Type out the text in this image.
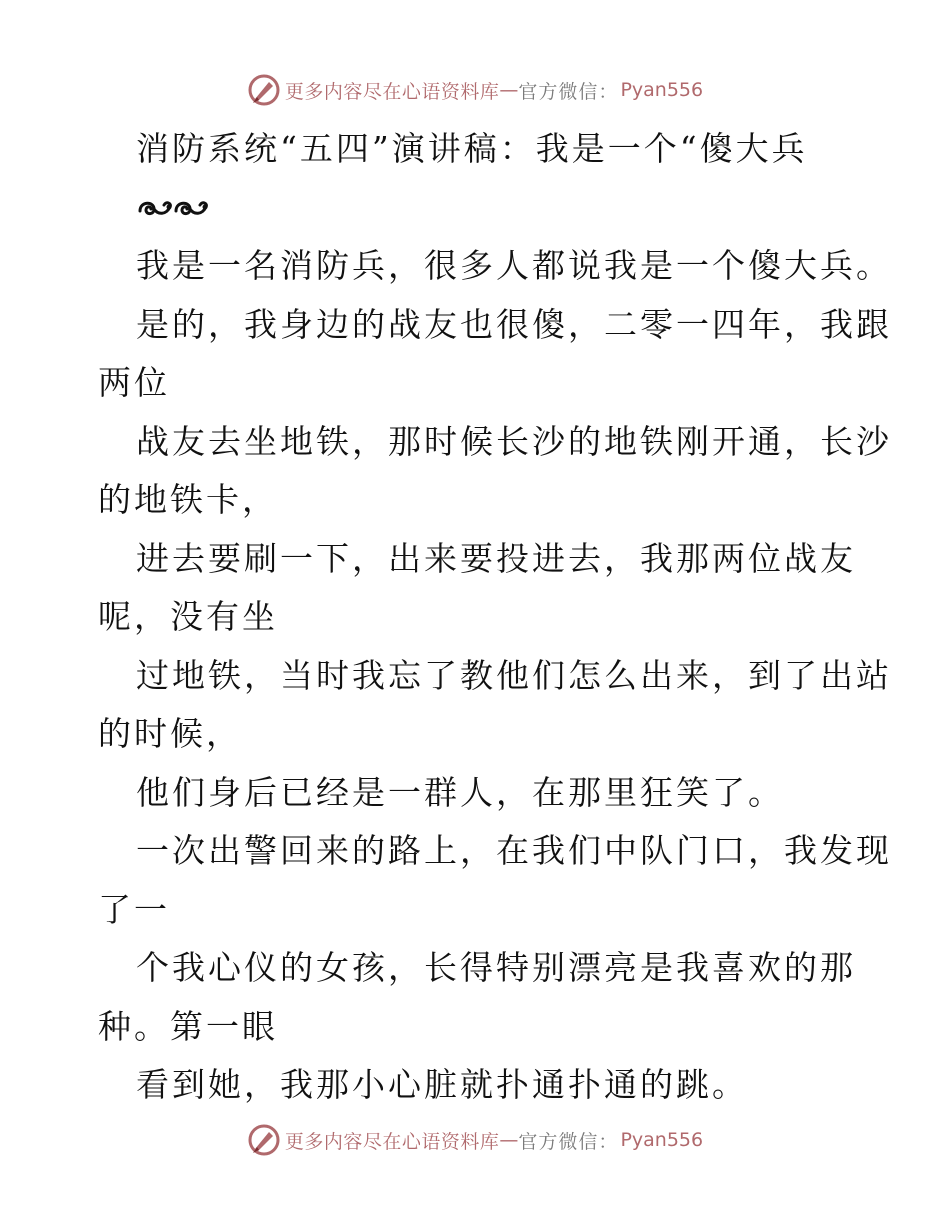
更多内容尽在心语资料库 — 官方微信： Pyan556
消防系统“五四”演讲稿：我是一个“傻大兵
我是一名消防兵，很多人都说我是一个傻大兵。
是的，我身边的战友也很傻，二零一四年，我跟
两位
战友去坐地铁，那时候长沙的地铁刚开通，长沙
的地铁卡，
进去要刷一下，出来要投进去，我那两位战友
呢，没有坐
过地铁，当时我忘了教他们怎么出来，到了出站
的时候，
他们身后已经是一群人，在那里狂笑了。
一次出警回来的路上，在我们中队门口，我发现
了一
个我心仪的女孩，长得特别漂亮是我喜欢的那
种。第一眼
看到她，我那小心脏就扑通扑通的跳。
更多内容尽在心语资料库 — 官方微信： Pyan556
